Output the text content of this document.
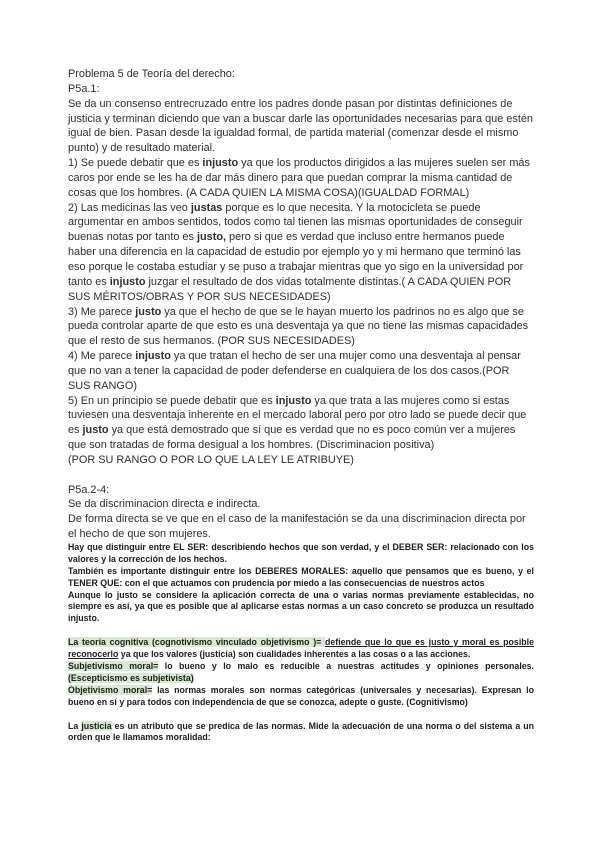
Problema 5 de Teoría del derecho:

P5a.1:

Se da un consenso entrecruzado entre los padres donde pasan por distintas definiciones de justicia y terminan diciendo que van a buscar darle las oportunidades necesarias para que estén igual de bien. Pasan desde la igualdad formal, de partida material (comenzar desde el mismo punto) y de resultado material.

1) Se puede debatir que es injusto ya que los productos dirigidos a las mujeres suelen ser más caros por ende se les ha de dar más dinero para que puedan comprar la misma cantidad de cosas que los hombres. (A CADA QUIEN LA MISMA COSA)(IGUALDAD FORMAL)

2) Las medicinas las veo justas porque es lo que necesita. Y la motocicleta se puede argumentar en ambos sentidos, todos como tal tienen las mismas oportunidades de conseguir buenas notas por tanto es justo, pero si que es verdad que incluso entre hermanos puede haber una diferencia en la capacidad de estudio por ejemplo yo y mi hermano que terminó las eso porque le costaba estudiar y se puso a trabajar mientras que yo sigo en la universidad por tanto es injusto juzgar el resultado de dos vidas totalmente distintas.( A CADA QUIEN POR SUS MÉRITOS/OBRAS Y POR SUS NECESIDADES)

3) Me parece justo ya que el hecho de que se le hayan muerto los padrinos no es algo que se pueda controlar aparte de que esto es una desventaja ya que no tiene las mismas capacidades que el resto de sus hermanos. (POR SUS NECESIDADES)

4) Me parece injusto ya que tratan el hecho de ser una mujer como una desventaja al pensar que no van a tener la capacidad de poder defenderse en cualquiera de los dos casos.(POR SUS RANGO)

5) En un principio se puede debatir que es injusto ya que trata a las mujeres como si estas tuviesen una desventaja inherente en el mercado laboral pero por otro lado se puede decir que es justo ya que está demostrado que sí que es verdad que no es poco común ver a mujeres que son tratadas de forma desigual a los hombres. (Discriminacion positiva)

(POR SU RANGO O POR LO QUE LA LEY LE ATRIBUYE)

P5a.2-4:

Se da discriminacion directa e indirecta.

De forma directa se ve que en el caso de la manifestación se da una discriminacion directa por el hecho de que son mujeres.

Hay que distinguir entre EL SER: describiendo hechos que son verdad, y el DEBER SER: relacionado con los valores y la corrección de los hechos.

También es importante distinguir entre los DEBERES MORALES: aquello que pensamos que es bueno, y el TENER QUE: con el que actuamos con prudencia por miedo a las consecuencias de nuestros actos

Aunque lo justo se considere la aplicación correcta de una o varias normas previamente establecidas, no siempre es así, ya que es posible que al aplicarse estas normas a un caso concreto se produzca un resultado injusto.

La teoría cognitiva (cognotivismo vinculado objetivismo )= defiende que lo que es justo y moral es posible reconocerlo ya que los valores (justicia) son cualidades inherentes a las cosas o a las acciones.

Subjetivismo moral= lo bueno y lo malo es reducible a nuestras actitudes y opiniones personales. (Escepticismo es subjetivista)

Objetivismo moral= las normas morales son normas categóricas (universales y necesarias). Expresan lo bueno en sí y para todos con independencia de que se conozca, adepte o guste. (Cognitivismo)

La justicia es un atributo que se predica de las normas. Mide la adecuación de una norma o del sistema a un orden que le llamamos moralidad:
